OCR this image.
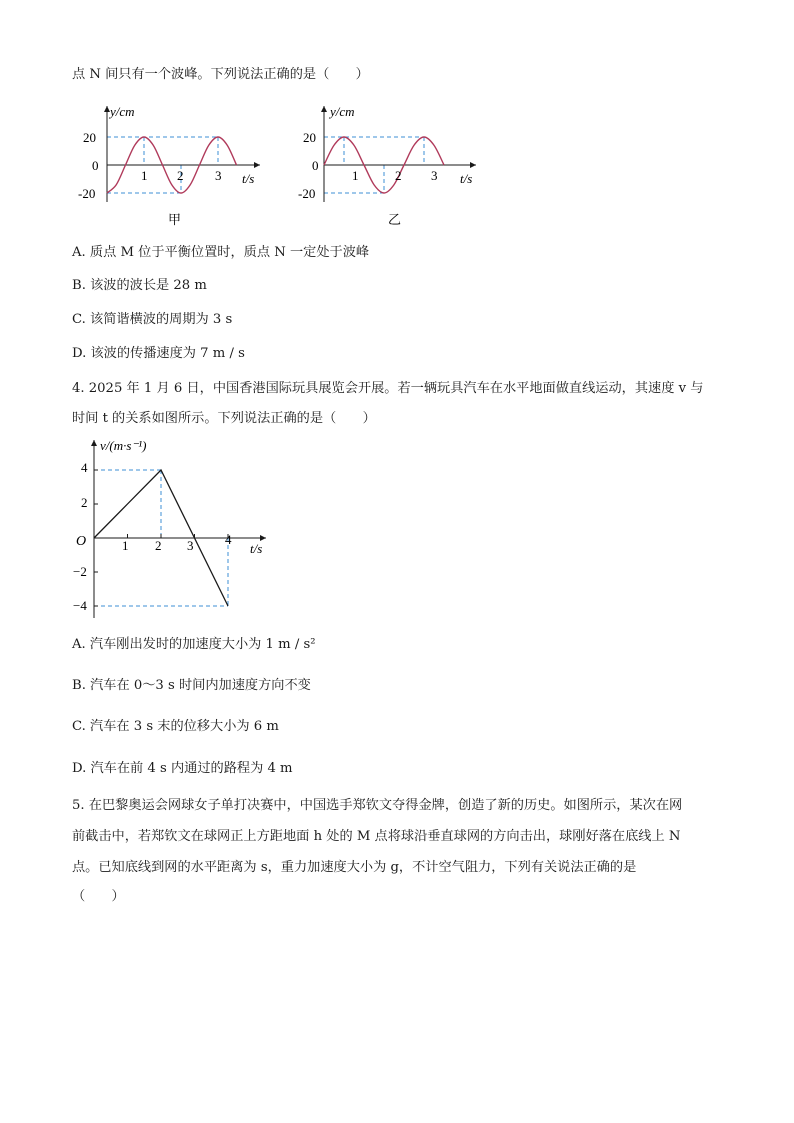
点 N 间只有一个波峰。下列说法正确的是（　　）
y/cm
t/s
20
0
-20
1 2 3
甲
y/cm
t/s
20
0
-20
1	2 3
乙
A. 质点 M 位于平衡位置时，质点 N 一定处于波峰
B. 该波的波长是 28 m
C. 该简谐横波的周期为 3 s
D. 该波的传播速度为 7 m / s
4. 2025 年 1 月 6 日，中国香港国际玩具展览会开展。若一辆玩具汽车在水平地面做直线运动，其速度 v 与
时间 t 的关系如图所示。下列说法正确的是（　　）
v/(m·s⁻¹)
t/s
O
4
2
−2
−4
1 2 3 4
A. 汽车刚出发时的加速度大小为 1 m / s²
B. 汽车在 0～3 s 时间内加速度方向不变
C. 汽车在 3 s 末的位移大小为 6 m
D. 汽车在前 4 s 内通过的路程为 4 m
5. 在巴黎奥运会网球女子单打决赛中，中国选手郑钦文夺得金牌，创造了新的历史。如图所示，某次在网
前截击中，若郑钦文在球网正上方距地面 h 处的 M 点将球沿垂直球网的方向击出，球刚好落在底线上 N
点。已知底线到网的水平距离为 s，重力加速度大小为 g，不计空气阻力，下列有关说法正确的是
（　　）
